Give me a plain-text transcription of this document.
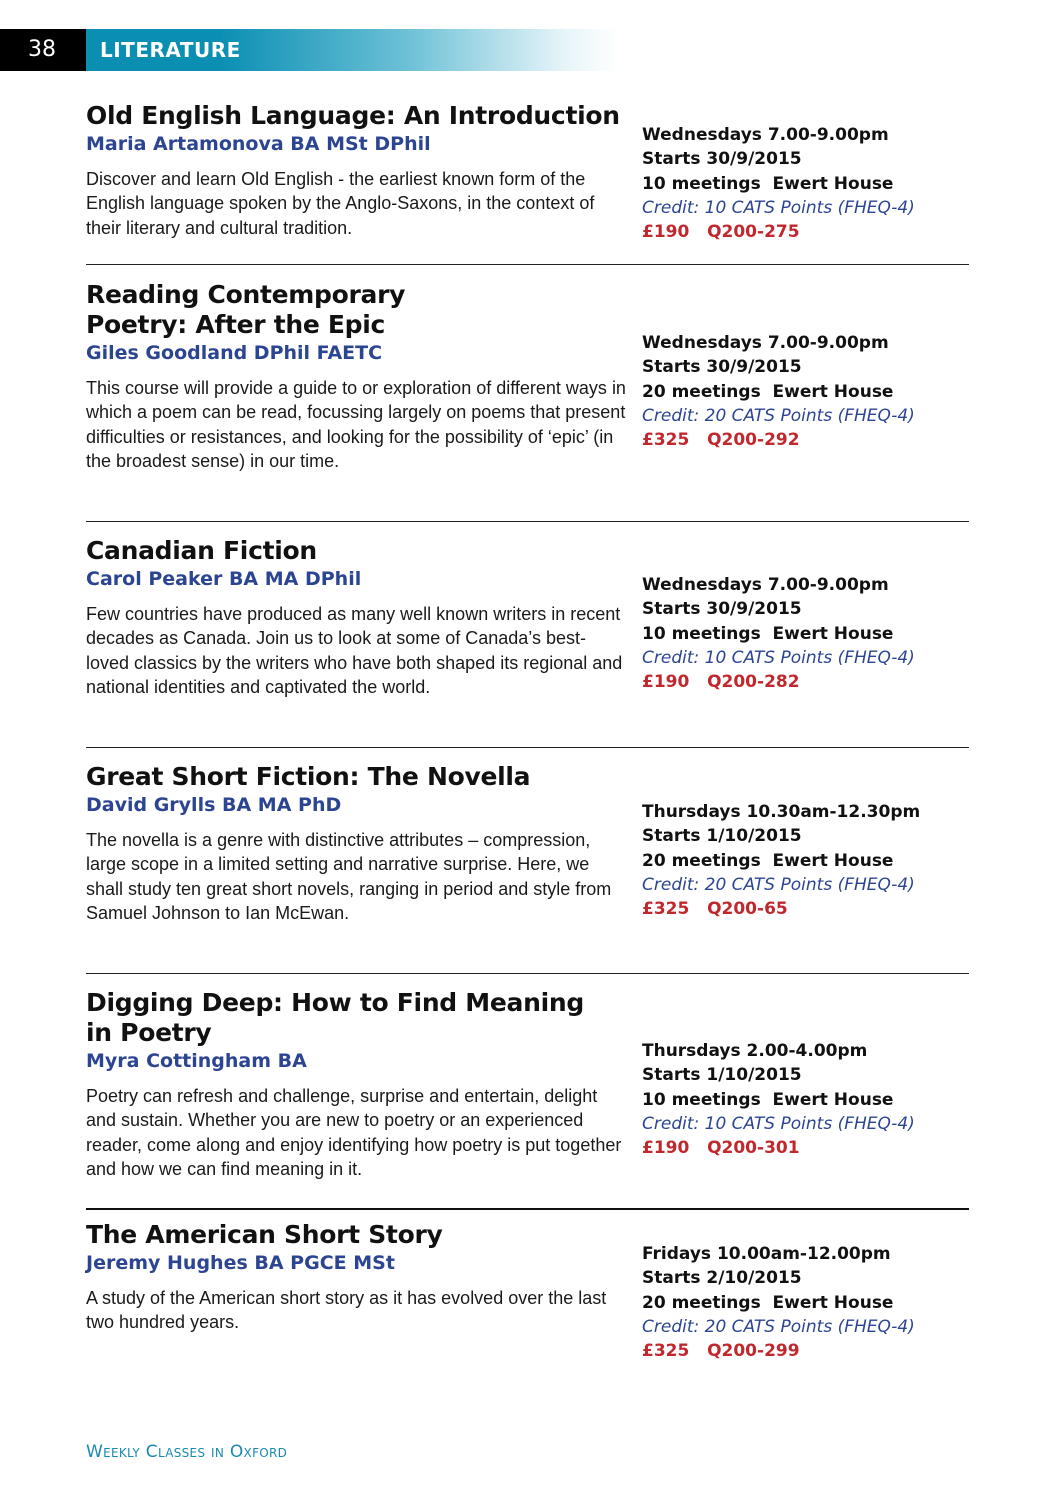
38	LITERATURE
Old English Language: An Introduction
Maria Artamonova BA MSt DPhil

Discover and learn Old English - the earliest known form of the English language spoken by the Anglo-Saxons, in the context of their literary and cultural tradition.

Wednesdays 7.00-9.00pm
Starts 30/9/2015
10 meetings  Ewert House
Credit: 10 CATS Points (FHEQ-4)
£190   Q200-275
Reading Contemporary Poetry: After the Epic
Giles Goodland DPhil FAETC

This course will provide a guide to or exploration of different ways in which a poem can be read, focussing largely on poems that present difficulties or resistances, and looking for the possibility of ‘epic’ (in the broadest sense) in our time.

Wednesdays 7.00-9.00pm
Starts 30/9/2015
20 meetings  Ewert House
Credit: 20 CATS Points (FHEQ-4)
£325   Q200-292
Canadian Fiction
Carol Peaker BA MA DPhil

Few countries have produced as many well known writers in recent decades as Canada. Join us to look at some of Canada’s best-loved classics by the writers who have both shaped its regional and national identities and captivated the world.

Wednesdays 7.00-9.00pm
Starts 30/9/2015
10 meetings  Ewert House
Credit: 10 CATS Points (FHEQ-4)
£190   Q200-282
Great Short Fiction: The Novella
David Grylls BA MA PhD

The novella is a genre with distinctive attributes – compression, large scope in a limited setting and narrative surprise. Here, we shall study ten great short novels, ranging in period and style from Samuel Johnson to Ian McEwan.

Thursdays 10.30am-12.30pm
Starts 1/10/2015
20 meetings  Ewert House
Credit: 20 CATS Points (FHEQ-4)
£325   Q200-65
Digging Deep: How to Find Meaning in Poetry
Myra Cottingham BA

Poetry can refresh and challenge, surprise and entertain, delight and sustain. Whether you are new to poetry or an experienced reader, come along and enjoy identifying how poetry is put together and how we can find meaning in it.

Thursdays 2.00-4.00pm
Starts 1/10/2015
10 meetings  Ewert House
Credit: 10 CATS Points (FHEQ-4)
£190   Q200-301
The American Short Story
Jeremy Hughes BA PGCE MSt

A study of the American short story as it has evolved over the last two hundred years.

Fridays 10.00am-12.00pm
Starts 2/10/2015
20 meetings  Ewert House
Credit: 20 CATS Points (FHEQ-4)
£325   Q200-299
Weekly Classes in Oxford
